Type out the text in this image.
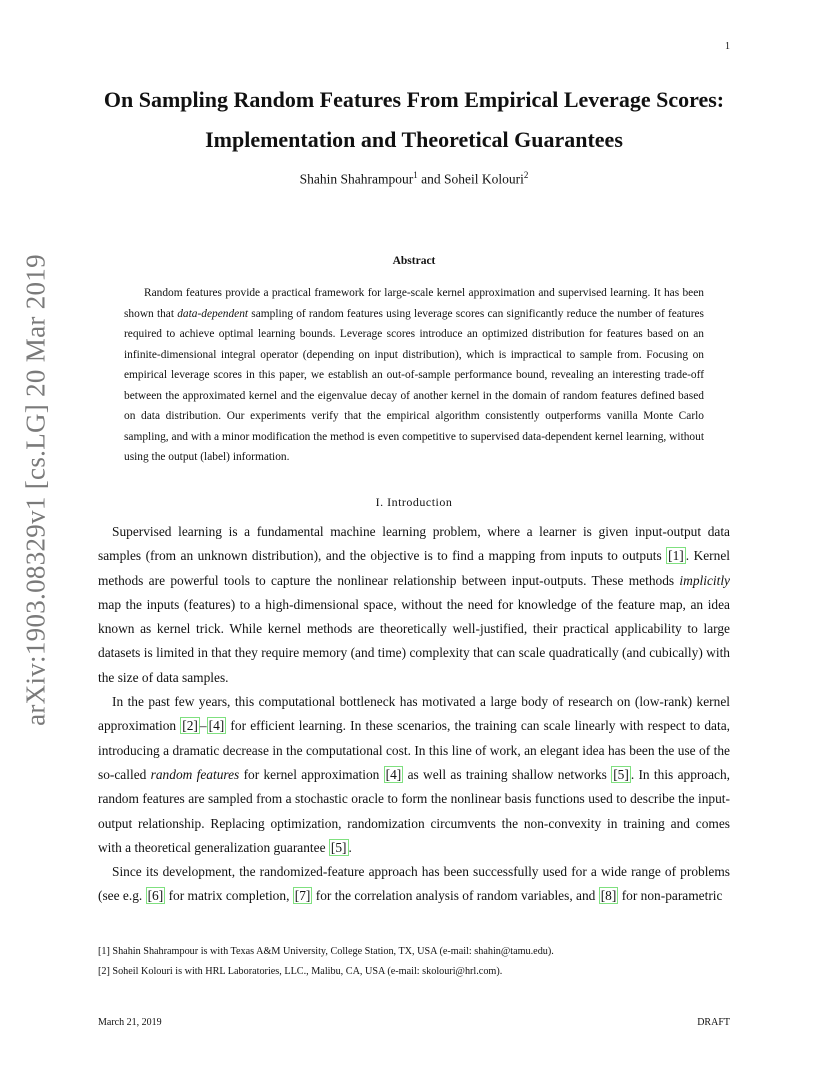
1
arXiv:1903.08329v1 [cs.LG] 20 Mar 2019
On Sampling Random Features From Empirical Leverage Scores: Implementation and Theoretical Guarantees
Shahin Shahrampour$^1$ and Soheil Kolouri$^2$
Abstract
Random features provide a practical framework for large-scale kernel approximation and supervised learning. It has been shown that data-dependent sampling of random features using leverage scores can significantly reduce the number of features required to achieve optimal learning bounds. Leverage scores introduce an optimized distribution for features based on an infinite-dimensional integral operator (depending on input distribution), which is impractical to sample from. Focusing on empirical leverage scores in this paper, we establish an out-of-sample performance bound, revealing an interesting trade-off between the approximated kernel and the eigenvalue decay of another kernel in the domain of random features defined based on data distribution. Our experiments verify that the empirical algorithm consistently outperforms vanilla Monte Carlo sampling, and with a minor modification the method is even competitive to supervised data-dependent kernel learning, without using the output (label) information.
I. Introduction

Supervised learning is a fundamental machine learning problem, where a learner is given input-output data samples (from an unknown distribution), and the objective is to find a mapping from inputs to outputs [1] . Kernel methods are powerful tools to capture the nonlinear relationship between input-outputs. These methods implicitly map the inputs (features) to a high-dimensional space, without the need for knowledge of the feature map, an idea known as kernel trick. While kernel methods are theoretically well-justified, their practical applicability to large datasets is limited in that they require memory (and time) complexity that can scale quadratically (and cubically) with the size of data samples.

In the past few years, this computational bottleneck has motivated a large body of research on (low-rank) kernel approximation [2] – [4] for efficient learning. In these scenarios, the training can scale linearly with respect to data, introducing a dramatic decrease in the computational cost. In this line of work, an elegant idea has been the use of the so-called random features for kernel approximation [4] as well as training shallow networks [5] . In this approach, random features are sampled from a stochastic oracle to form the nonlinear basis functions used to describe the input-output relationship. Replacing optimization, randomization circumvents the non-convexity in training and comes with a theoretical generalization guarantee [5] .

Since its development, the randomized-feature approach has been successfully used for a wide range of problems (see e.g. [6] for matrix completion, [7] for the correlation analysis of random variables, and [8] for non-parametric

[1] Shahin Shahrampour is with Texas A&M University, College Station, TX, USA (e-mail: shahin@tamu.edu).
[2] Soheil Kolouri is with HRL Laboratories, LLC., Malibu, CA, USA (e-mail: skolouri@hrl.com).
March 21, 2019	DRAFT
